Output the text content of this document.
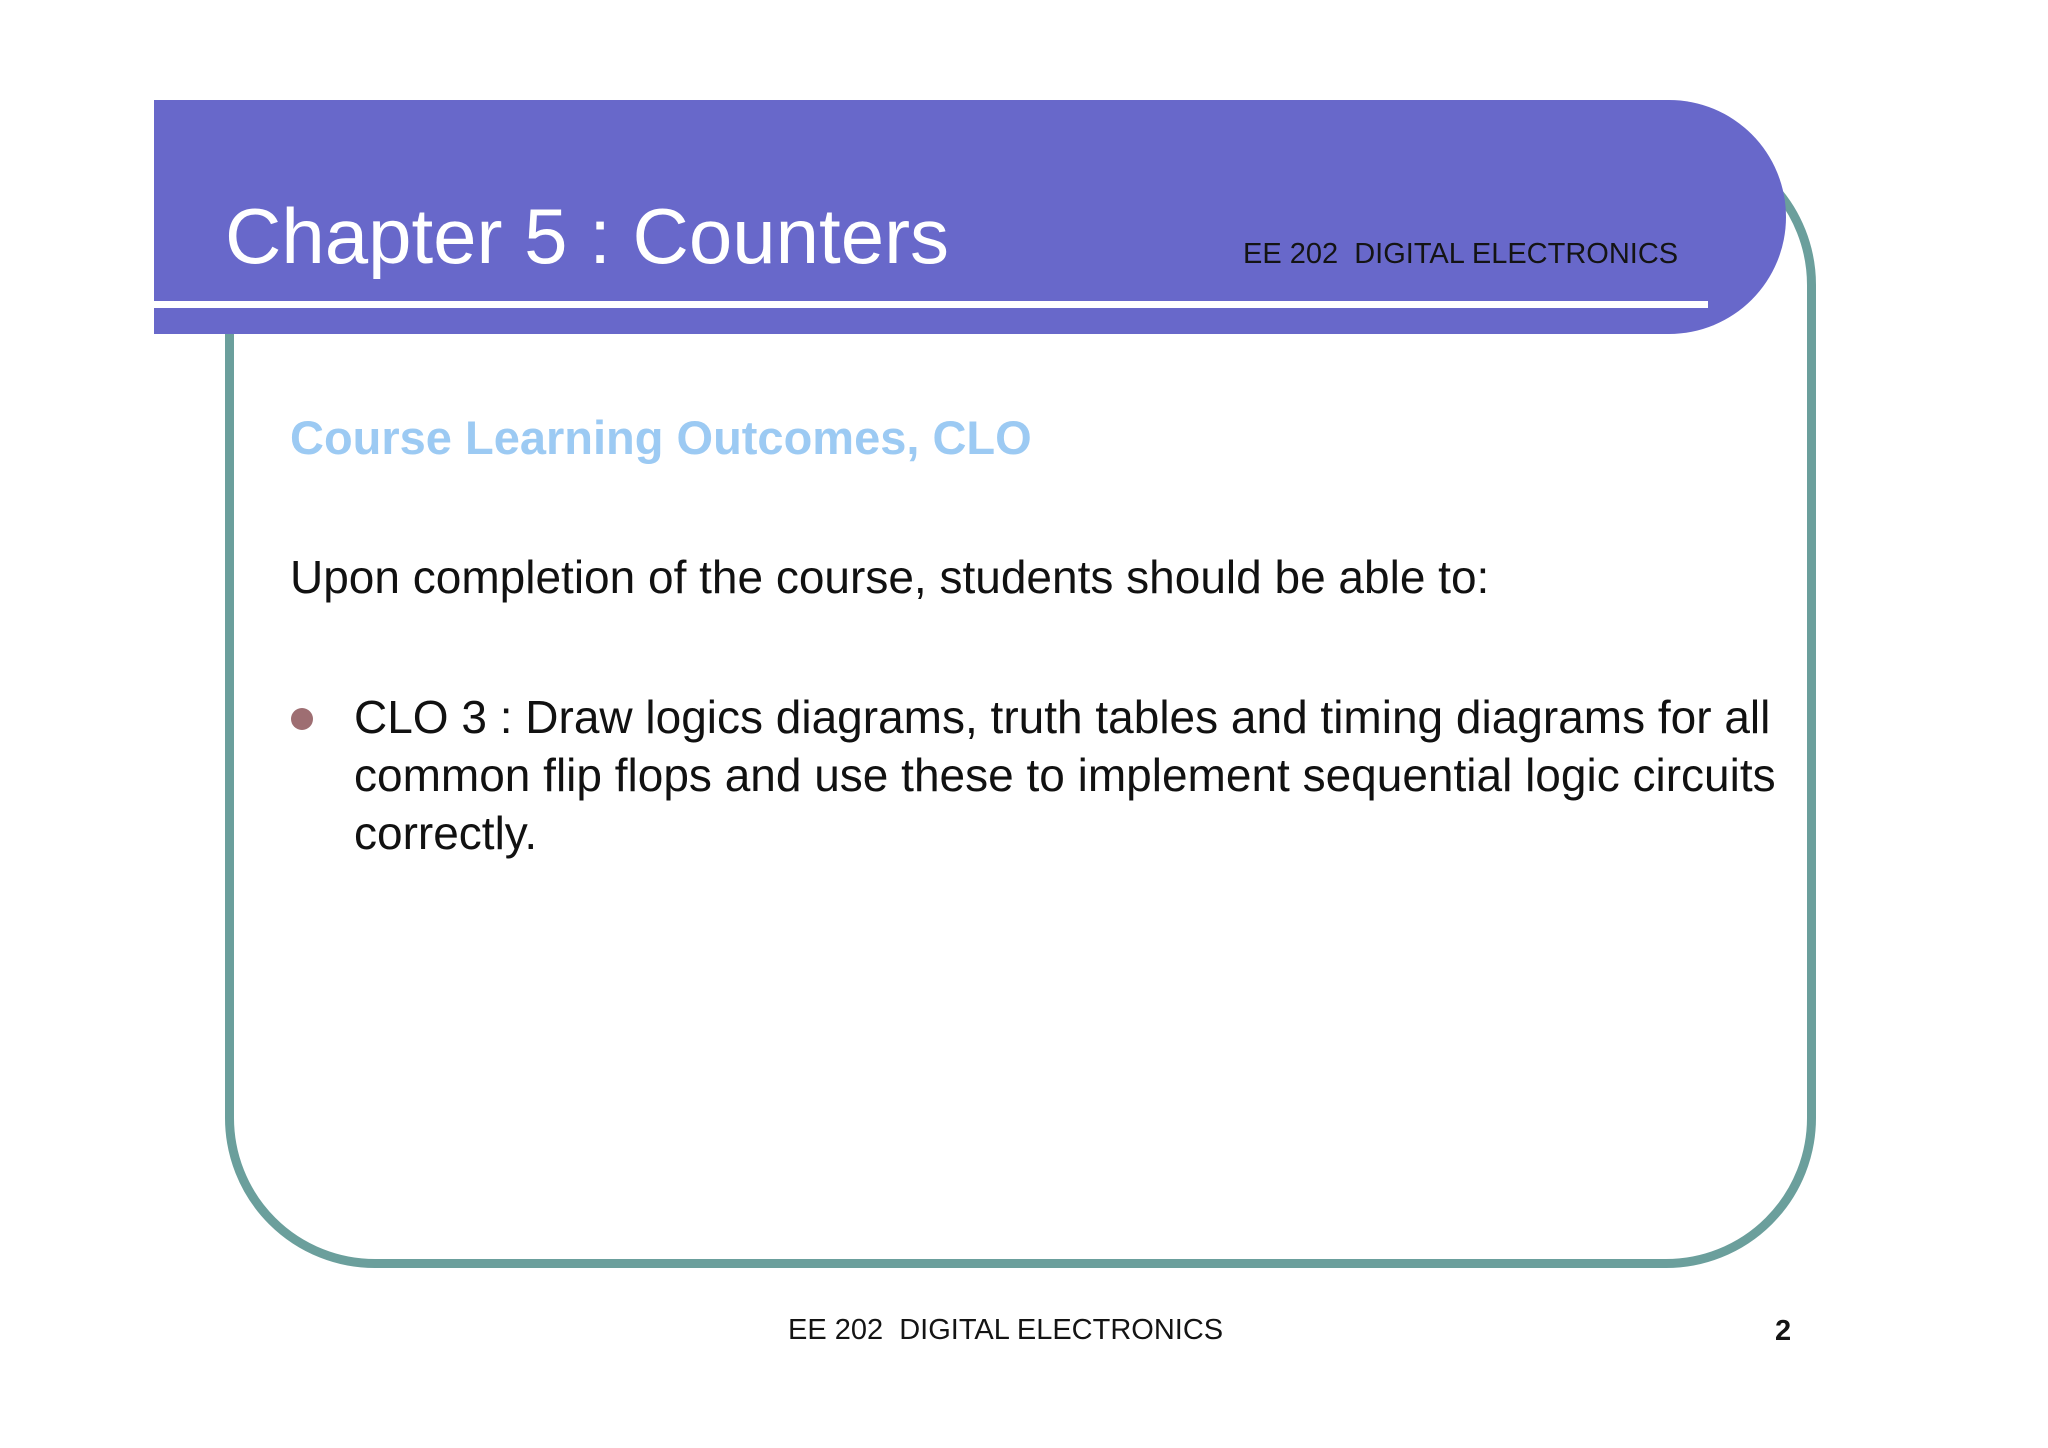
Chapter 5 : Counters	EE 202  DIGITAL ELECTRONICS
Course Learning Outcomes, CLO
Upon completion of the course, students should be able to:
CLO 3 : Draw logics diagrams, truth tables and timing diagrams for all common flip flops and use these to implement sequential logic circuits correctly.
EE 202  DIGITAL ELECTRONICS	2
